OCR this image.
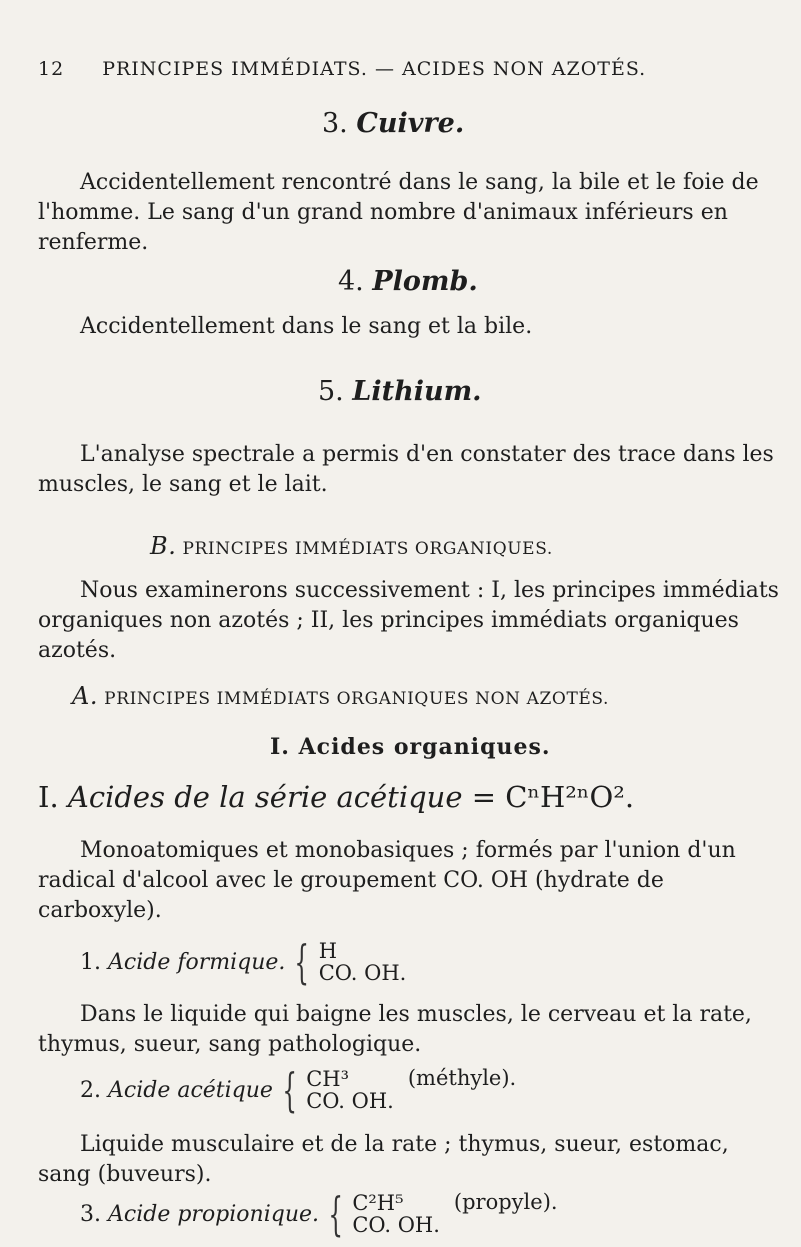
12 PRINCIPES IMMÉDIATS. — ACIDES NON AZOTÉS.
3. Cuivre.
Accidentellement rencontré dans le sang, la bile et le foie de l'homme. Le sang d'un grand nombre d'animaux inférieurs en renferme.
4. Plomb.
Accidentellement dans le sang et la bile.
5. Lithium.
L'analyse spectrale a permis d'en constater des trace dans les muscles, le sang et le lait.
B. PRINCIPES IMMÉDIATS ORGANIQUES.
Nous examinerons successivement : I, les principes immédiats organiques non azotés ; II, les principes immédiats organiques azotés.
A. PRINCIPES IMMÉDIATS ORGANIQUES NON AZOTÉS.
I. Acides organiques.
I. Acides de la série acétique = CⁿH²ⁿO².
Monoatomiques et monobasiques ; formés par l'union d'un radical d'alcool avec le groupement CO. OH (hydrate de carboxyle).
1.
Acide formique. { H
CO. OH.
Dans le liquide qui baigne les muscles, le cerveau et la rate, thymus, sueur, sang pathologique.
2.
Acide acétique { CH³
CO. OH.
(méthyle).
Liquide musculaire et de la rate ; thymus, sueur, estomac, sang (buveurs).
3.
Acide propionique. { C²H⁵
CO. OH.
(propyle).
